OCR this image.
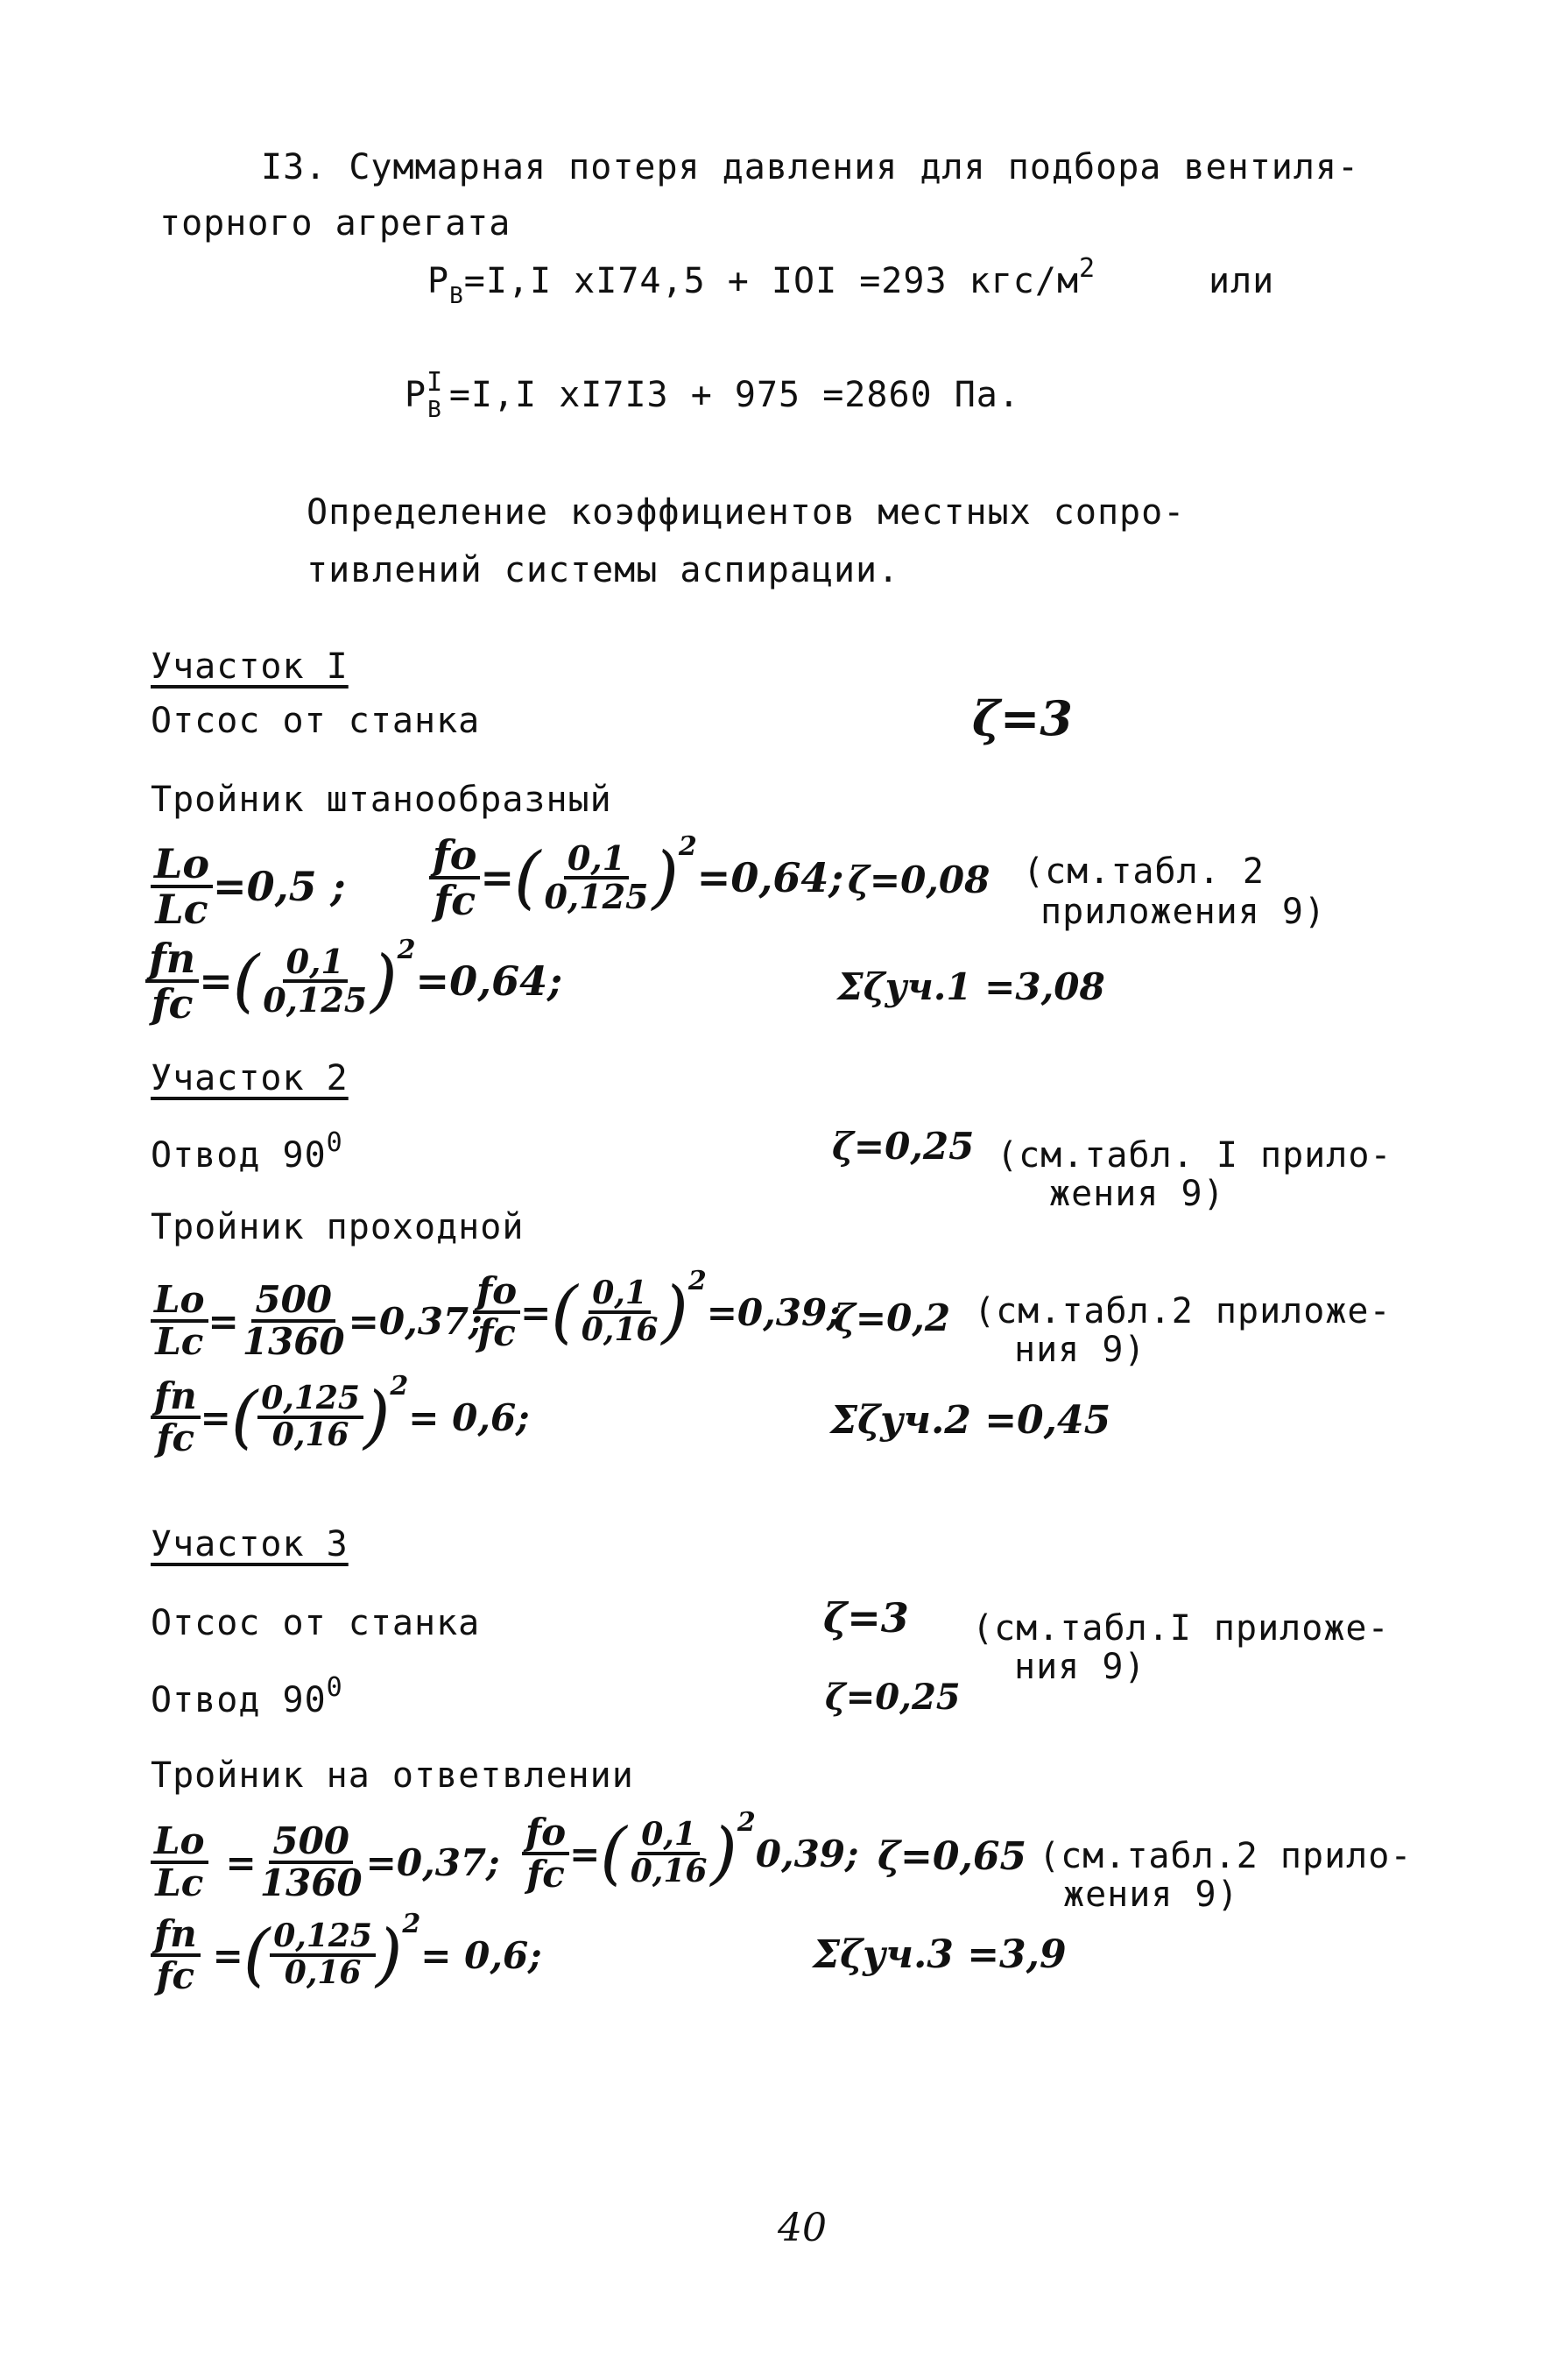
I3. Суммарная потеря давления для подбора вентиля-
торного агрегата
$P_В=I,I$ xI74,5 + IOI =293 кгс/$м^2$	или
$P^I_В =I,I$ xI7I3 + 975 =2860 Па.
Определение коэффициентов местных сопро-
тивлений системы аспирации.
Участок I
Отсос от станка	ζ=3
Тройник штанообразный
$\frac{Lo}{Lc} =0,5$ ; $\frac{fo}{fc}$ = ( $\frac{0,1}{0,125}$ ) 2
=0,64; ζ=0,08 (см.табл. 2
приложения 9)
$\frac{fп}{fc}$ = ( $\frac{0,1}{0,125}$ ) 2
=0,64;	Σζуч.1 =3,08
Участок 2
Отвод $90^0$	ζ=0,25 (см.табл. I прило-
жения 9)
Тройник проходной
$\frac{Lo}{Lc} = \frac{500}{1360} =0,37$;
$\frac{fo}{fc}$ = ( $\frac{0,1}{0,16}$ ) 2
=0,39;
ζ=0,2 (см.табл.2 приложе-
ния 9)
$\frac{fп}{fc}$ = ( $\frac{0,125}{0,16}$ ) 2
= 0,6;	Σζуч.2 =0,45
Участок 3
Отсос от станка	ζ=3 (см.табл.I приложе-
ния 9)
Отвод $90^0$	ζ=0,25
Тройник на ответвлении
$\frac{Lo}{Lc} = \frac{500}{1360} =0,37$; $\frac{fo}{fc}$ = ( $\frac{0,1}{0,16}$ ) 2
0,39; ζ=0,65 (см.табл.2 прило-
жения 9)
$\frac{fп}{fc}$ = ( $\frac{0,125}{0,16}$ ) 2
= 0,6;	Σζуч.3 =3,9
40
